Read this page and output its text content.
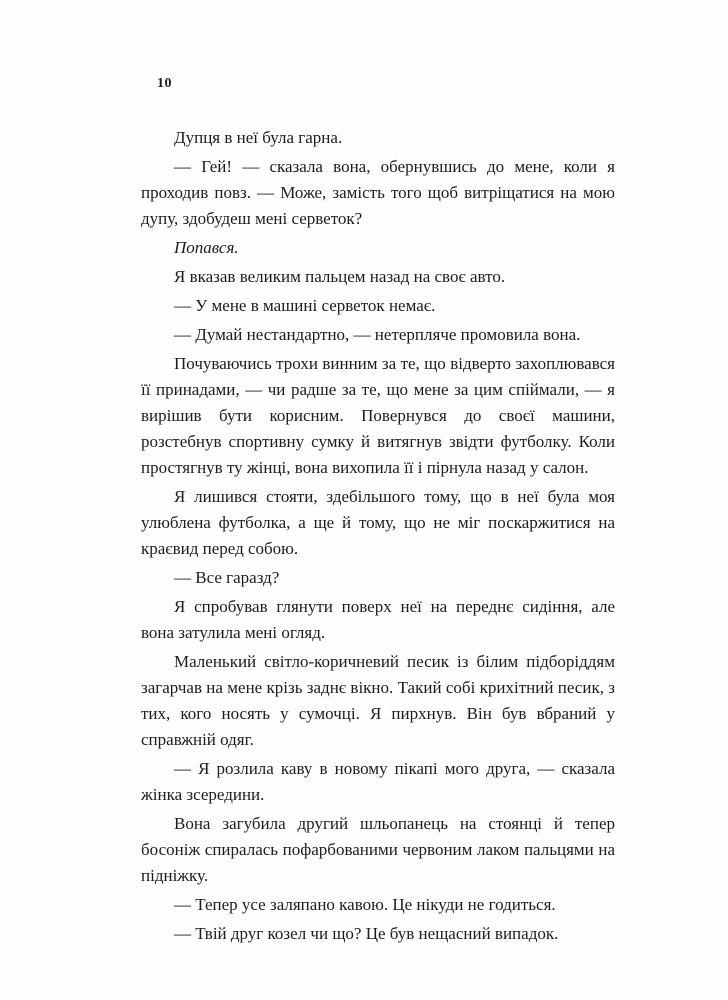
10

Дупця в неї була гарна.

— Гей! — сказала вона, обернувшись до мене, коли я проходив повз. — Може, замість того щоб витріщатися на мою дупу, здобудеш мені серветок?

Попався.

Я вказав великим пальцем назад на своє авто.

— У мене в машині серветок немає.

— Думай нестандартно, — нетерпляче промовила вона.

Почуваючись трохи винним за те, що відверто захоплювався її принадами, — чи радше за те, що мене за цим спіймали, — я вирішив бути корисним. Повернувся до своєї машини, розстебнув спортивну сумку й витягнув звідти футболку. Коли простягнув ту жінці, вона вихопила її і пірнула назад у салон.

Я лишився стояти, здебільшого тому, що в неї була моя улюблена футболка, а ще й тому, що не міг поскаржитися на краєвид перед собою.

— Все гаразд?

Я спробував глянути поверх неї на переднє сидіння, але вона затулила мені огляд.

Маленький світло-коричневий песик із білим підборіддям загарчав на мене крізь заднє вікно. Такий собі крихітний песик, з тих, кого носять у сумочці. Я пирхнув. Він був вбраний у справжній одяг.

— Я розлила каву в новому пікапі мого друга, — сказала жінка зсередини.

Вона загубила другий шльопанець на стоянці й тепер босоніж спиралась пофарбованими червоним лаком пальцями на підніжку.

— Тепер усе заляпано кавою. Це нікуди не годиться.

— Твій друг козел чи що? Це був нещасний випадок.
